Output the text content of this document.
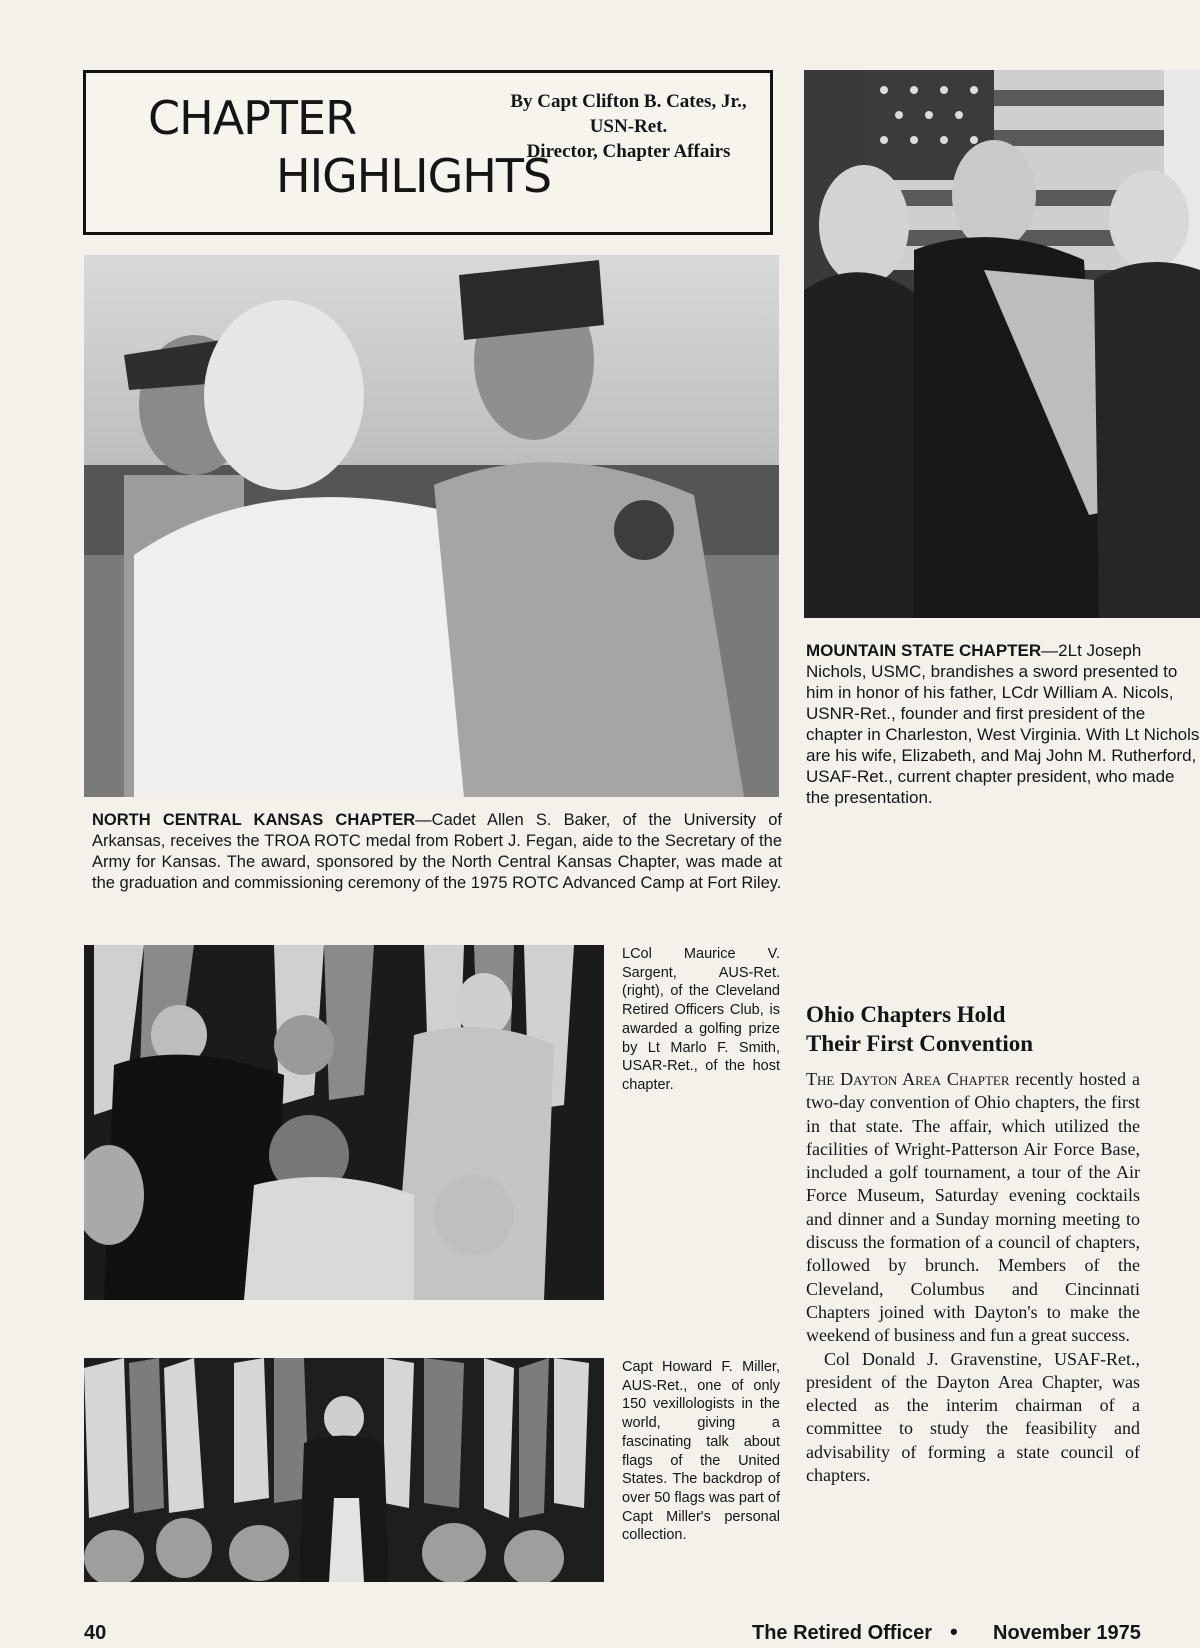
CHAPTER
HIGHLIGHTS
By Capt Clifton B. Cates, Jr.,
USN-Ret.
Director, Chapter Affairs
NORTH CENTRAL KANSAS CHAPTER—Cadet Allen S. Baker, of the University of Arkansas, receives the TROA ROTC medal from Robert J. Fegan, aide to the Secretary of the Army for Kansas. The award, sponsored by the North Central Kansas Chapter, was made at the graduation and commissioning ceremony of the 1975 ROTC Advanced Camp at Fort Riley.
MOUNTAIN STATE CHAPTER—2Lt Joseph Nichols, USMC, brandishes a sword presented to him in honor of his father, LCdr William A. Nicols, USNR-Ret., founder and first president of the chapter in Charleston, West Virginia. With Lt Nichols are his wife, Elizabeth, and Maj John M. Rutherford, USAF-Ret., current chapter president, who made the presentation.
LCol Maurice V. Sargent, AUS-Ret. (right), of the Cleveland Retired Officers Club, is awarded a golfing prize by Lt Marlo F. Smith, USAR-Ret., of the host chapter.
Capt Howard F. Miller, AUS-Ret., one of only 150 vexillologists in the world, giving a fascinating talk about flags of the United States. The backdrop of over 50 flags was part of Capt Miller's personal collection.
Ohio Chapters Hold
Their First Convention

The Dayton Area Chapter recently hosted a two-day convention of Ohio chapters, the first in that state. The affair, which utilized the facilities of Wright-Patterson Air Force Base, included a golf tournament, a tour of the Air Force Museum, Saturday evening cocktails and dinner and a Sunday morning meeting to discuss the formation of a council of chapters, followed by brunch. Members of the Cleveland, Columbus and Cincinnati Chapters joined with Dayton's to make the weekend of business and fun a great success.

Col Donald J. Gravenstine, USAF-Ret., president of the Dayton Area Chapter, was elected as the interim chairman of a committee to study the feasibility and advisability of forming a state council of chapters.

40	The Retired Officer • November 1975
